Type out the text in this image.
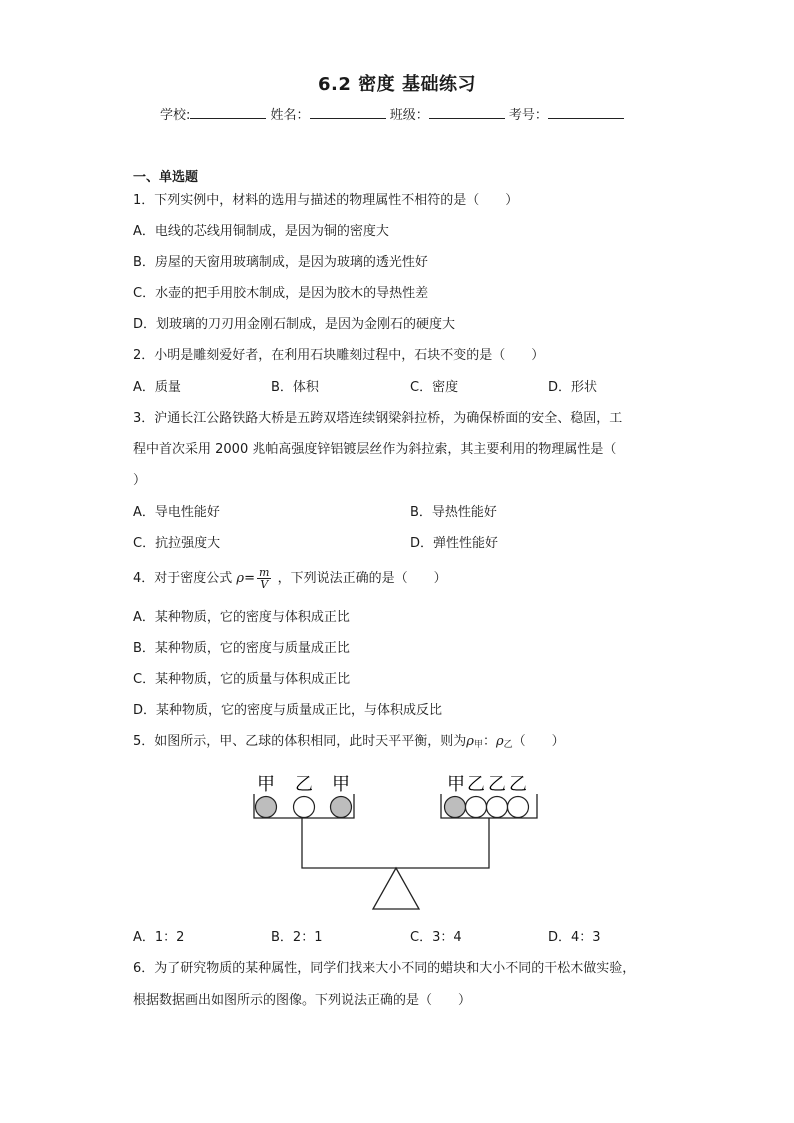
6.2 密度 基础练习
学校:	姓名：	班级：	考号：
一、单选题
1．下列实例中，材料的选用与描述的物理属性不相符的是（　　）
A．电线的芯线用铜制成，是因为铜的密度大
B．房屋的天窗用玻璃制成，是因为玻璃的透光性好
C．水壶的把手用胶木制成，是因为胶木的导热性差
D．划玻璃的刀刃用金刚石制成，是因为金刚石的硬度大
2．小明是雕刻爱好者，在利用石块雕刻过程中，石块不变的是（　　）
A．质量	B．体积	C．密度	D．形状
3．沪通长江公路铁路大桥是五跨双塔连续钢梁斜拉桥，为确保桥面的安全、稳固，工
程中首次采用 2000 兆帕高强度锌铝镀层丝作为斜拉索，其主要利用的物理属性是（
）
A．导电性能好	B．导热性能好
C．抗拉强度大	D．弹性性能好
4．对于密度公式 $\rho= \frac{m}{V}$ ，下列说法正确的是（　　）
A．某种物质，它的密度与体积成正比
B．某种物质，它的密度与质量成正比
C．某种物质，它的质量与体积成正比
D．某种物质，它的密度与质量成正比，与体积成反比
5．如图所示，甲、乙球的体积相同，此时天平平衡，则为$\rho_甲$：$\rho_乙$（　　）
甲 乙 甲	甲 乙 乙 乙
A．1：2	B．2：1	C．3：4	D．4：3
6．为了研究物质的某种属性，同学们找来大小不同的蜡块和大小不同的干松木做实验，
根据数据画出如图所示的图像。下列说法正确的是（　　）
